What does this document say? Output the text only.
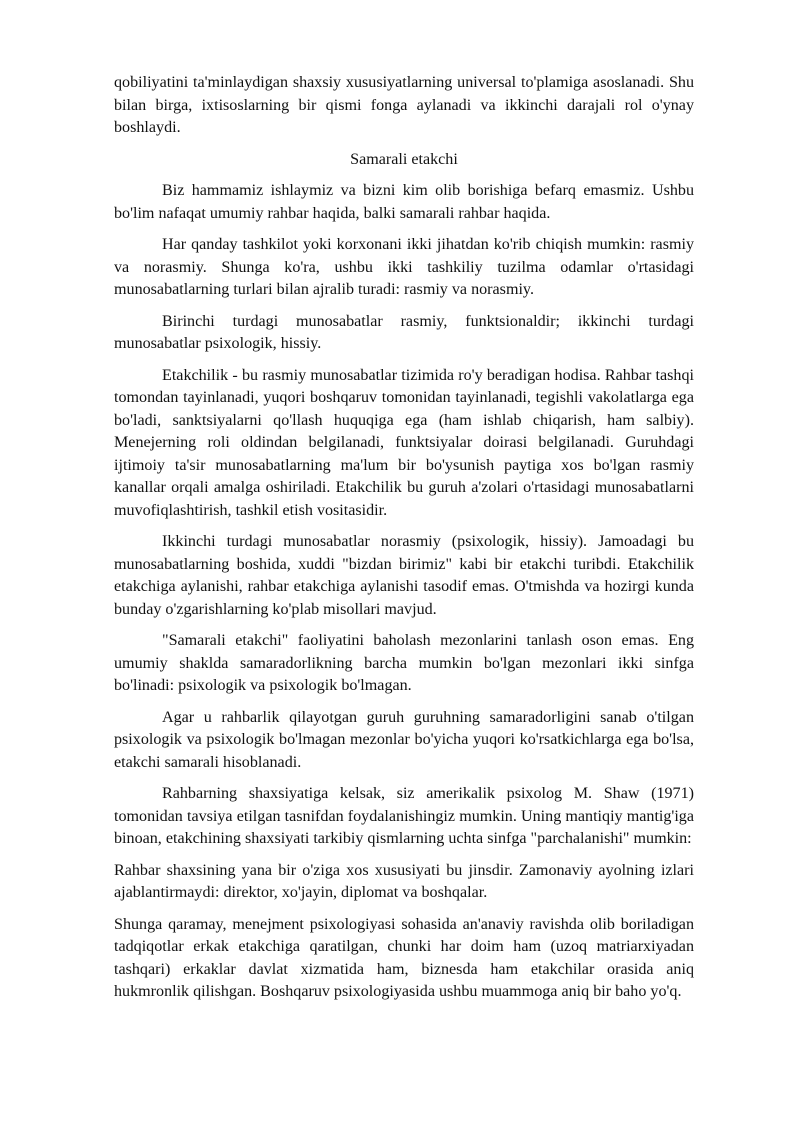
qobiliyatini ta'minlaydigan shaxsiy xususiyatlarning universal to'plamiga asoslanadi. Shu bilan birga, ixtisoslarning bir qismi fonga aylanadi va ikkinchi darajali rol o'ynay boshlaydi.

Samarali etakchi

Biz hammamiz ishlaymiz va bizni kim olib borishiga befarq emasmiz. Ushbu bo'lim nafaqat umumiy rahbar haqida, balki samarali rahbar haqida.

Har qanday tashkilot yoki korxonani ikki jihatdan ko'rib chiqish mumkin: rasmiy va norasmiy. Shunga ko'ra, ushbu ikki tashkiliy tuzilma odamlar o'rtasidagi munosabatlarning turlari bilan ajralib turadi: rasmiy va norasmiy.

Birinchi turdagi munosabatlar rasmiy, funktsionaldir; ikkinchi turdagi munosabatlar psixologik, hissiy.

Etakchilik - bu rasmiy munosabatlar tizimida ro'y beradigan hodisa. Rahbar tashqi tomondan tayinlanadi, yuqori boshqaruv tomonidan tayinlanadi, tegishli vakolatlarga ega bo'ladi, sanktsiyalarni qo'llash huquqiga ega (ham ishlab chiqarish, ham salbiy). Menejerning roli oldindan belgilanadi, funktsiyalar doirasi belgilanadi. Guruhdagi ijtimoiy ta'sir munosabatlarning ma'lum bir bo'ysunish paytiga xos bo'lgan rasmiy kanallar orqali amalga oshiriladi. Etakchilik bu guruh a'zolari o'rtasidagi munosabatlarni muvofiqlashtirish, tashkil etish vositasidir.

Ikkinchi turdagi munosabatlar norasmiy (psixologik, hissiy). Jamoadagi bu munosabatlarning boshida, xuddi "bizdan birimiz" kabi bir etakchi turibdi. Etakchilik etakchiga aylanishi, rahbar etakchiga aylanishi tasodif emas. O'tmishda va hozirgi kunda bunday o'zgarishlarning ko'plab misollari mavjud.

"Samarali etakchi" faoliyatini baholash mezonlarini tanlash oson emas. Eng umumiy shaklda samaradorlikning barcha mumkin bo'lgan mezonlari ikki sinfga bo'linadi: psixologik va psixologik bo'lmagan.

Agar u rahbarlik qilayotgan guruh guruhning samaradorligini sanab o'tilgan psixologik va psixologik bo'lmagan mezonlar bo'yicha yuqori ko'rsatkichlarga ega bo'lsa, etakchi samarali hisoblanadi.

Rahbarning shaxsiyatiga kelsak, siz amerikalik psixolog M. Shaw (1971) tomonidan tavsiya etilgan tasnifdan foydalanishingiz mumkin. Uning mantiqiy mantig'iga binoan, etakchining shaxsiyati tarkibiy qismlarning uchta sinfga "parchalanishi" mumkin:

Rahbar shaxsining yana bir o'ziga xos xususiyati bu jinsdir. Zamonaviy ayolning izlari ajablantirmaydi: direktor, xo'jayin, diplomat va boshqalar.

Shunga qaramay, menejment psixologiyasi sohasida an'anaviy ravishda olib boriladigan tadqiqotlar erkak etakchiga qaratilgan, chunki har doim ham (uzoq matriarxiyadan tashqari) erkaklar davlat xizmatida ham, biznesda ham etakchilar orasida aniq hukmronlik qilishgan. Boshqaruv psixologiyasida ushbu muammoga aniq bir baho yo'q.
